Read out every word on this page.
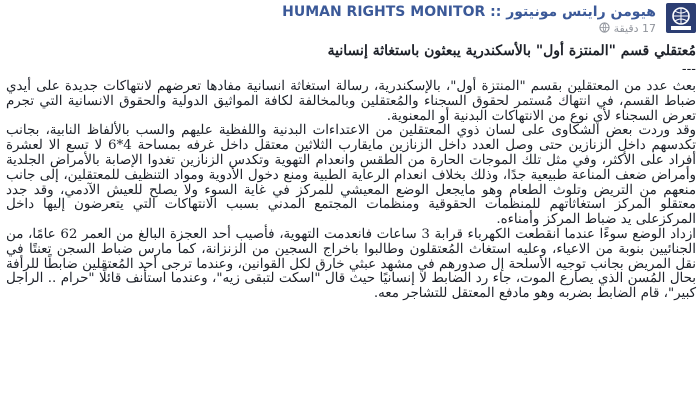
هيومن رايتس مونيتور :: HUMAN RIGHTS MONITOR
17 دقيقة
مُعتقلي قسم "المنتزة أول" بالأسكندرية يبعثون باستغاثة إنسانية
---

بعث عدد من المعتقلين بقسم "المنتزة أول"، بالإسكندرية، رسالة استغاثة انسانية مفادها تعرضهم لانتهاكات جديدة على أيدي ضباط القسم، في انتهاك مُستمر لحقوق السجناء والمُعتقلين وبالمخالفة لكافة المواثيق الدولية والحقوق الانسانية التي تجرم تعرض السجناء لأي نوع من الانتهاكات البدنية أو المعنوية.

وقد وردت بعض الشكاوى على لسان ذوي المعتقلين من الاعتداءات البدنية واللفظية عليهم والسب بالألفاظ النابية، بجانب تكدسهم داخل الزنازين حتى وصل العدد داخل الزنازين مايقارب الثلاثين معتقل داخل غرفه بمساحة 4*6 لا تسع الا لعشرة أفراد على الأكثر، وفي مثل تلك الموجات الحارة من الطقس وانعدام التهوية وتكدس الزنازين تغدوا الإصابة بالأمراض الجلدية وأمراض ضعف المناعة طبيعية جدًا، وذلك بخلاف انعدام الرعاية الطبية ومنع دخول الأدوية ومواد التنظيف للمعتقلين، إلى جانب منعهم من التريض وتلوث الطعام وهو مايجعل الوضع المعيشي للمركز في غاية السوء ولا يصلح للعيش الآدمي، وقد جدد معتقلو المركز استغاثاتهم للمنظمات الحقوقية ومنظمات المجتمع المدني بسبب الانتهاكات التي يتعرضون إليها داخل المركزعلى يد ضباط المركز وأمناءه.

ازداد الوضع سوءًا عندما انقطعت الكهرباء قرابة 3 ساعات فانعدمت التهوية، فأصيب أحد العجزة البالغ من العمر 62 عامًا، من الجنائيين بنوبة من الاعياء، وعليه استغاث المُعتقلون وطالبوا باخراج السجين من الزنزانة، كما مارس ضباط السجن تعنتًا في نقل المريض بجانب توجيه الأسلحة إل صدورهم في مشهد عبثي خارق لكل القوانين، وعندما ترجى أحد المُعتقلين ضابطًا للرأفة بحال المُسن الذي يصارع الموت، جاء رد الضابط لا إنسانيًا حيث قال "اسكت لتبقى زيه"، وعندما استأنف قائلًا "حرام .. الراجل كبير"، قام الضابط بضربه وهو مادفع المعتقل للتشاجر معه.
